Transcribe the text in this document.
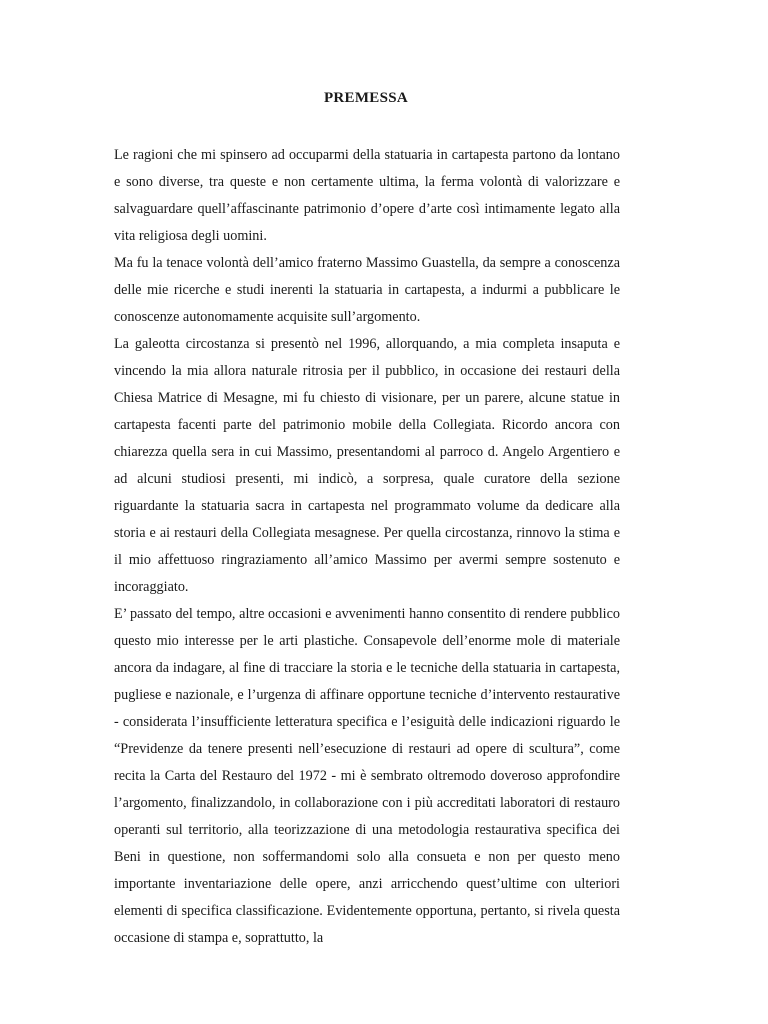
PREMESSA

Le ragioni che mi spinsero ad occuparmi della statuaria in cartapesta partono da lontano e sono diverse, tra queste e non certamente ultima, la ferma volontà di valorizzare e salvaguardare quell’affascinante patrimonio d’opere d’arte così intimamente legato alla vita religiosa degli uomini.

Ma fu la tenace volontà dell’amico fraterno Massimo Guastella, da sempre a conoscenza delle mie ricerche e studi inerenti la statuaria in cartapesta, a indurmi a pubblicare le conoscenze autonomamente acquisite sull’argomento.

La galeotta circostanza si presentò nel 1996, allorquando, a mia completa insaputa e vincendo la mia allora naturale ritrosia per il pubblico, in occasione dei restauri della Chiesa Matrice di Mesagne, mi fu chiesto di visionare, per un parere, alcune statue in cartapesta facenti parte del patrimonio mobile della Collegiata. Ricordo ancora con chiarezza quella sera in cui Massimo, presentandomi al parroco d. Angelo Argentiero e ad alcuni studiosi presenti, mi indicò, a sorpresa, quale curatore della sezione riguardante la statuaria sacra in cartapesta nel programmato volume da dedicare alla storia e ai restauri della Collegiata mesagnese. Per quella circostanza, rinnovo la stima e il mio affettuoso ringraziamento all’amico Massimo per avermi sempre sostenuto e incoraggiato.

E’ passato del tempo, altre occasioni e avvenimenti hanno consentito di rendere pubblico questo mio interesse per le arti plastiche. Consapevole dell’enorme mole di materiale ancora da indagare, al fine di tracciare la storia e le tecniche della statuaria in cartapesta, pugliese e nazionale, e l’urgenza di affinare opportune tecniche d’intervento restaurative - considerata l’insufficiente letteratura specifica e l’esiguità delle indicazioni riguardo le “Previdenze da tenere presenti nell’esecuzione di restauri ad opere di scultura”, come recita la Carta del Restauro del 1972 - mi è sembrato oltremodo doveroso approfondire l’argomento, finalizzandolo, in collaborazione con i più accreditati laboratori di restauro operanti sul territorio, alla teorizzazione di una metodologia restaurativa specifica dei Beni in questione, non soffermandomi solo alla consueta e non per questo meno importante inventariazione delle opere, anzi arricchendo quest’ultime con ulteriori elementi di specifica classificazione. Evidentemente opportuna, pertanto, si rivela questa occasione di stampa e, soprattutto, la
